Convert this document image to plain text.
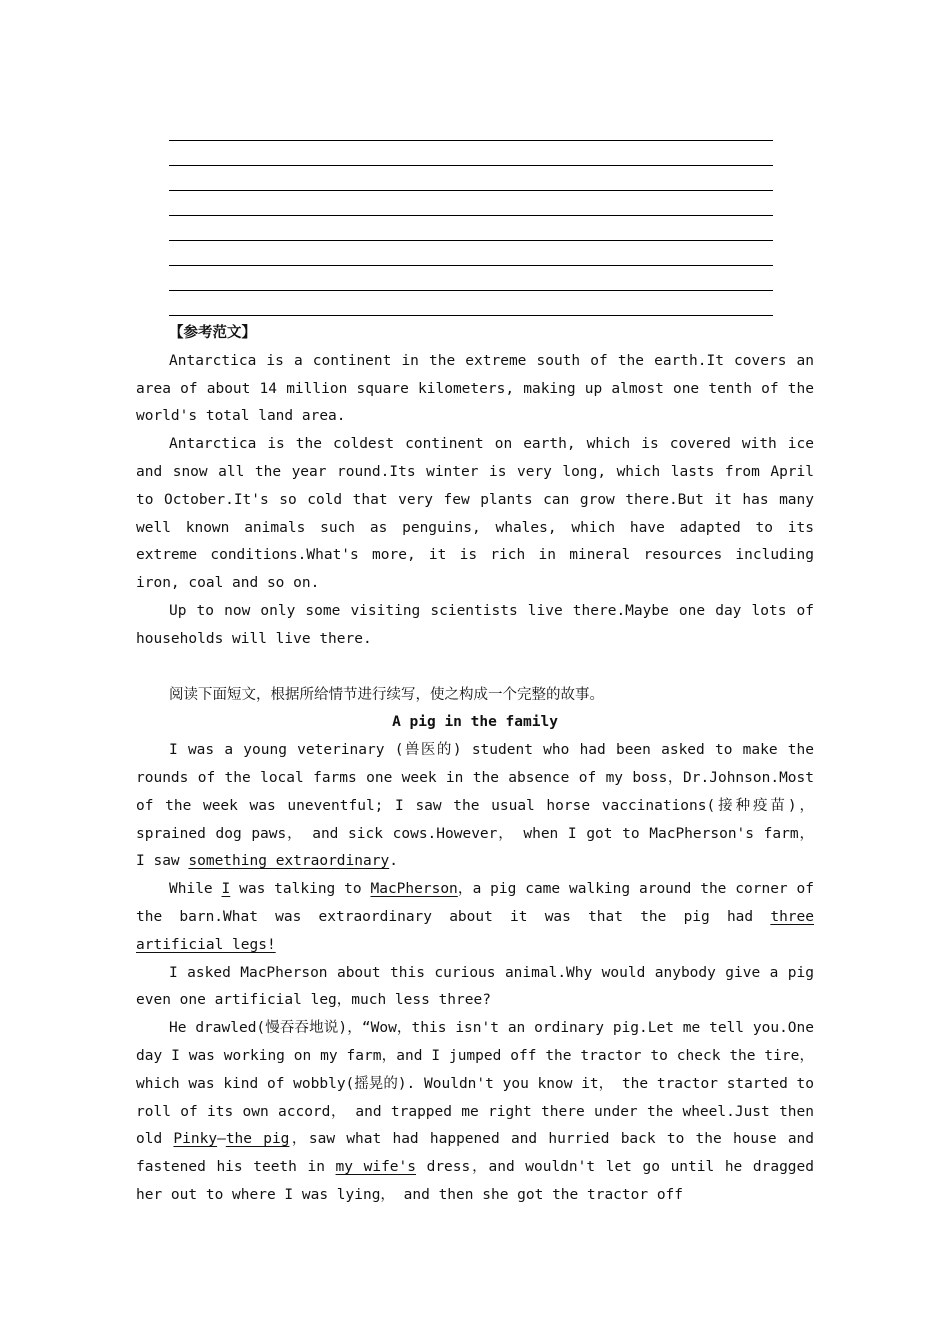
【参考范文】

Antarctica is a continent in the extreme south of the earth.It covers an area of about 14 million square kilometers, making up almost one tenth of the world's total land area.

Antarctica is the coldest continent on earth, which is covered with ice and snow all the year round.Its winter is very long, which lasts from April to October.It's so cold that very few plants can grow there.But it has many well known animals such as penguins, whales, which have adapted to its extreme conditions.What's more, it is rich in mineral resources including iron, coal and so on.

Up to now only some visiting scientists live there.Maybe one day lots of households will live there.

阅读下面短文，根据所给情节进行续写，使之构成一个完整的故事。
A pig in the family

I was a young veterinary (兽医的) student who had been asked to make the rounds of the local farms one week in the absence of my boss，Dr.Johnson.Most of the week was uneventful; I saw the usual horse vaccinations(接种疫苗)，sprained dog paws， and sick cows.However， when I got to MacPherson's farm， I saw something extraordinary.

While I was talking to MacPherson，a pig came walking around the corner of the barn.What was extraordinary about it was that the pig had three artificial legs!

I asked MacPherson about this curious animal.Why would anybody give a pig even one artificial leg，much less three?

He drawled(慢吞吞地说)，“Wow，this isn't an ordinary pig.Let me tell you.One day I was working on my farm，and I jumped off the tractor to check the tire， which was kind of wobbly(摇晃的). Wouldn't you know it， the tractor started to roll of its own accord， and trapped me right there under the wheel.Just then old Pinky—the pig，saw what had happened and hurried back to the house and fastened his teeth in my wife's dress，and wouldn't let go until he dragged her out to where I was lying， and then she got the tractor off
